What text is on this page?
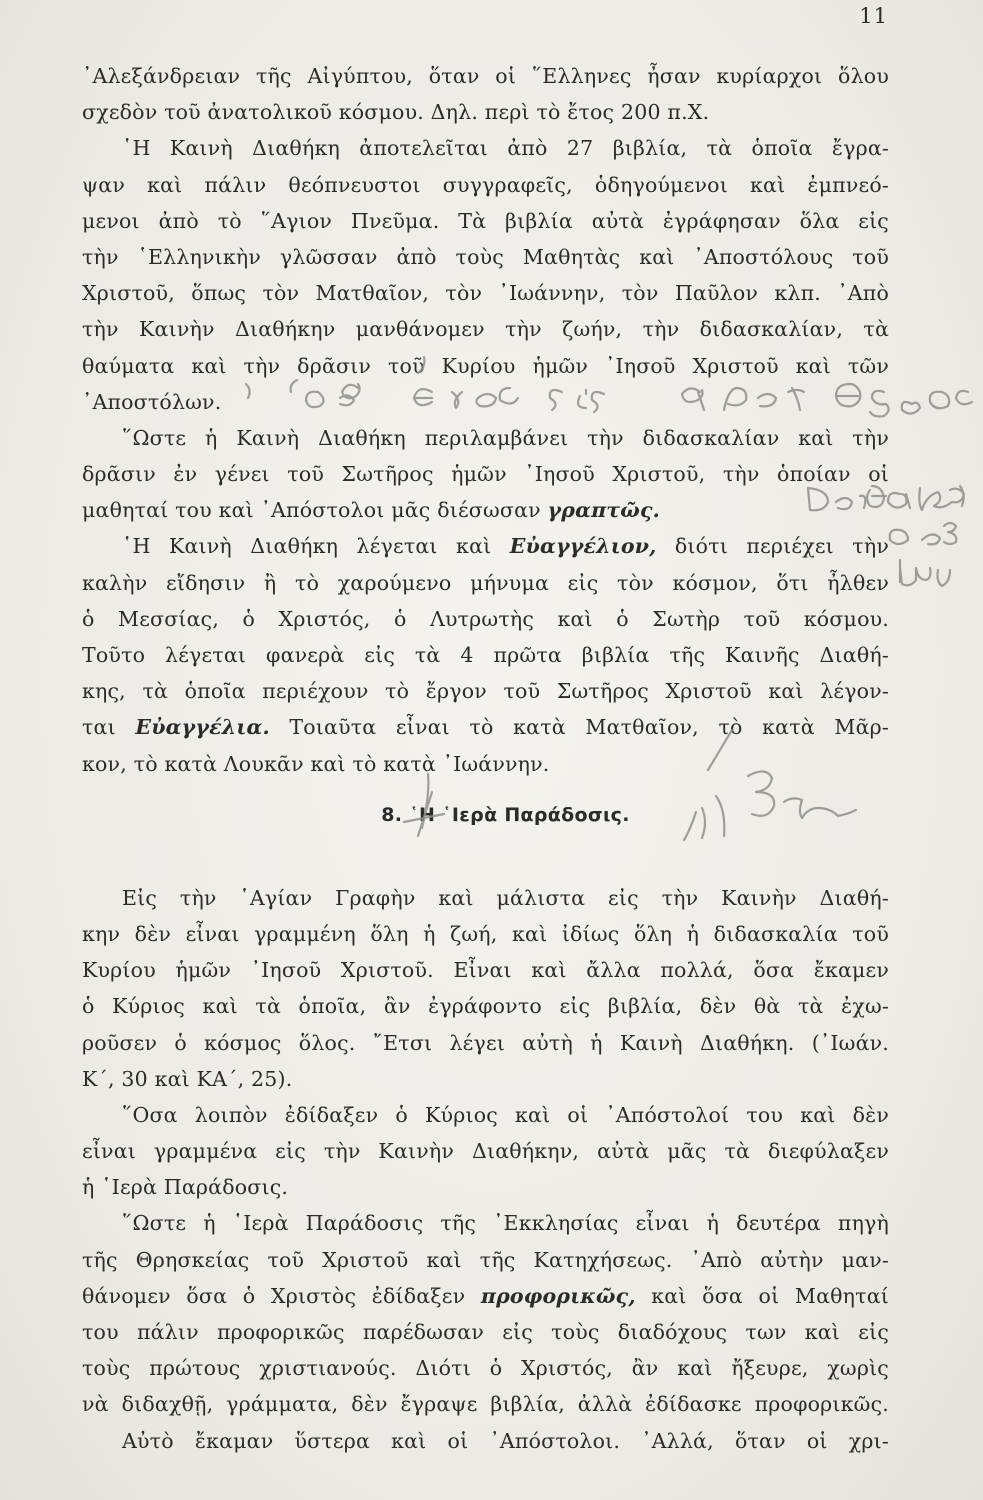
11
᾿Αλεξάνδρειαν τῆς Αἰγύπτου, ὅταν οἱ ῞Ελληνες ἦσαν κυρίαρχοι ὅλου
σχεδὸν τοῦ ἀνατολικοῦ κόσμου. Δηλ. περὶ τὸ ἔτος 200 π.Χ.
῾Η Καινὴ Διαθήκη ἀποτελεῖται ἀπὸ 27 βιβλία, τὰ ὁποῖα ἔγρα-
ψαν καὶ πάλιν θεόπνευστοι συγγραφεῖς, ὁδηγούμενοι καὶ ἐμπνεό-
μενοι ἀπὸ τὸ ῞Αγιον Πνεῦμα. Τὰ βιβλία αὐτὰ ἐγράφησαν ὅλα εἰς
τὴν ῾Ελληνικὴν γλῶσσαν ἀπὸ τοὺς Μαθητὰς καὶ ᾿Αποστόλους τοῦ
Χριστοῦ, ὅπως τὸν Ματθαῖον, τὸν ᾿Ιωάννην, τὸν Παῦλον κλπ. ᾿Απὸ
τὴν Καινὴν Διαθήκην μανθάνομεν τὴν ζωήν, τὴν διδασκαλίαν, τὰ
θαύματα καὶ τὴν δρᾶσιν τοῦ Κυρίου ἡμῶν ᾿Ιησοῦ Χριστοῦ καὶ τῶν
᾿Αποστόλων.
῞Ωστε ἡ Καινὴ Διαθήκη περιλαμβάνει τὴν διδασκαλίαν καὶ τὴν
δρᾶσιν ἐν γένει τοῦ Σωτῆρος ἡμῶν ᾿Ιησοῦ Χριστοῦ, τὴν ὁποίαν οἱ
μαθηταί του καὶ ᾿Απόστολοι μᾶς διέσωσαν γραπτῶς.
῾Η Καινὴ Διαθήκη λέγεται καὶ Εὐαγγέλιον, διότι περιέχει τὴν
καλὴν εἴδησιν ἢ τὸ χαρούμενο μήνυμα εἰς τὸν κόσμον, ὅτι ἦλθεν
ὁ Μεσσίας, ὁ Χριστός, ὁ Λυτρωτὴς καὶ ὁ Σωτὴρ τοῦ κόσμου.
Τοῦτο λέγεται φανερὰ εἰς τὰ 4 πρῶτα βιβλία τῆς Καινῆς Διαθή-
κης, τὰ ὁποῖα περιέχουν τὸ ἔργον τοῦ Σωτῆρος Χριστοῦ καὶ λέγον-
ται Εὐαγγέλια. Τοιαῦτα εἶναι τὸ κατὰ Ματθαῖον, τὸ κατὰ Μᾶρ-
κον, τὸ κατὰ Λουκᾶν καὶ τὸ κατὰ ᾿Ιωάννην.
8. ῾Η ῾Ιερὰ Παράδοσις.
Εἰς τὴν ῾Αγίαν Γραφὴν καὶ μάλιστα εἰς τὴν Καινὴν Διαθή-
κην δὲν εἶναι γραμμένη ὅλη ἡ ζωή, καὶ ἰδίως ὅλη ἡ διδασκαλία τοῦ
Κυρίου ἡμῶν ᾿Ιησοῦ Χριστοῦ. Εἶναι καὶ ἄλλα πολλά, ὅσα ἔκαμεν
ὁ Κύριος καὶ τὰ ὁποῖα, ἂν ἐγράφοντο εἰς βιβλία, δὲν θὰ τὰ ἐχω-
ροῦσεν ὁ κόσμος ὅλος. ῎Ετσι λέγει αὐτὴ ἡ Καινὴ Διαθήκη. (᾿Ιωάν.
Κ΄, 30 καὶ ΚΑ΄, 25).
῞Οσα λοιπὸν ἐδίδαξεν ὁ Κύριος καὶ οἱ ᾿Απόστολοί του καὶ δὲν
εἶναι γραμμένα εἰς τὴν Καινὴν Διαθήκην, αὐτὰ μᾶς τὰ διεφύλαξεν
ἡ ῾Ιερὰ Παράδοσις.
῞Ωστε ἡ ῾Ιερὰ Παράδοσις τῆς ᾿Εκκλησίας εἶναι ἡ δευτέρα πηγὴ
τῆς Θρησκείας τοῦ Χριστοῦ καὶ τῆς Κατηχήσεως. ᾿Απὸ αὐτὴν μαν-
θάνομεν ὅσα ὁ Χριστὸς ἐδίδαξεν προφορικῶς, καὶ ὅσα οἱ Μαθηταί
του πάλιν προφορικῶς παρέδωσαν εἰς τοὺς διαδόχους των καὶ εἰς
τοὺς πρώτους χριστιανούς. Διότι ὁ Χριστός, ἂν καὶ ἤξευρε, χωρὶς
νὰ διδαχθῇ, γράμματα, δὲν ἔγραψε βιβλία, ἀλλὰ ἐδίδασκε προφορικῶς.
Αὐτὸ ἔκαμαν ὕστερα καὶ οἱ ᾿Απόστολοι. ᾿Αλλά, ὅταν οἱ χρι-
